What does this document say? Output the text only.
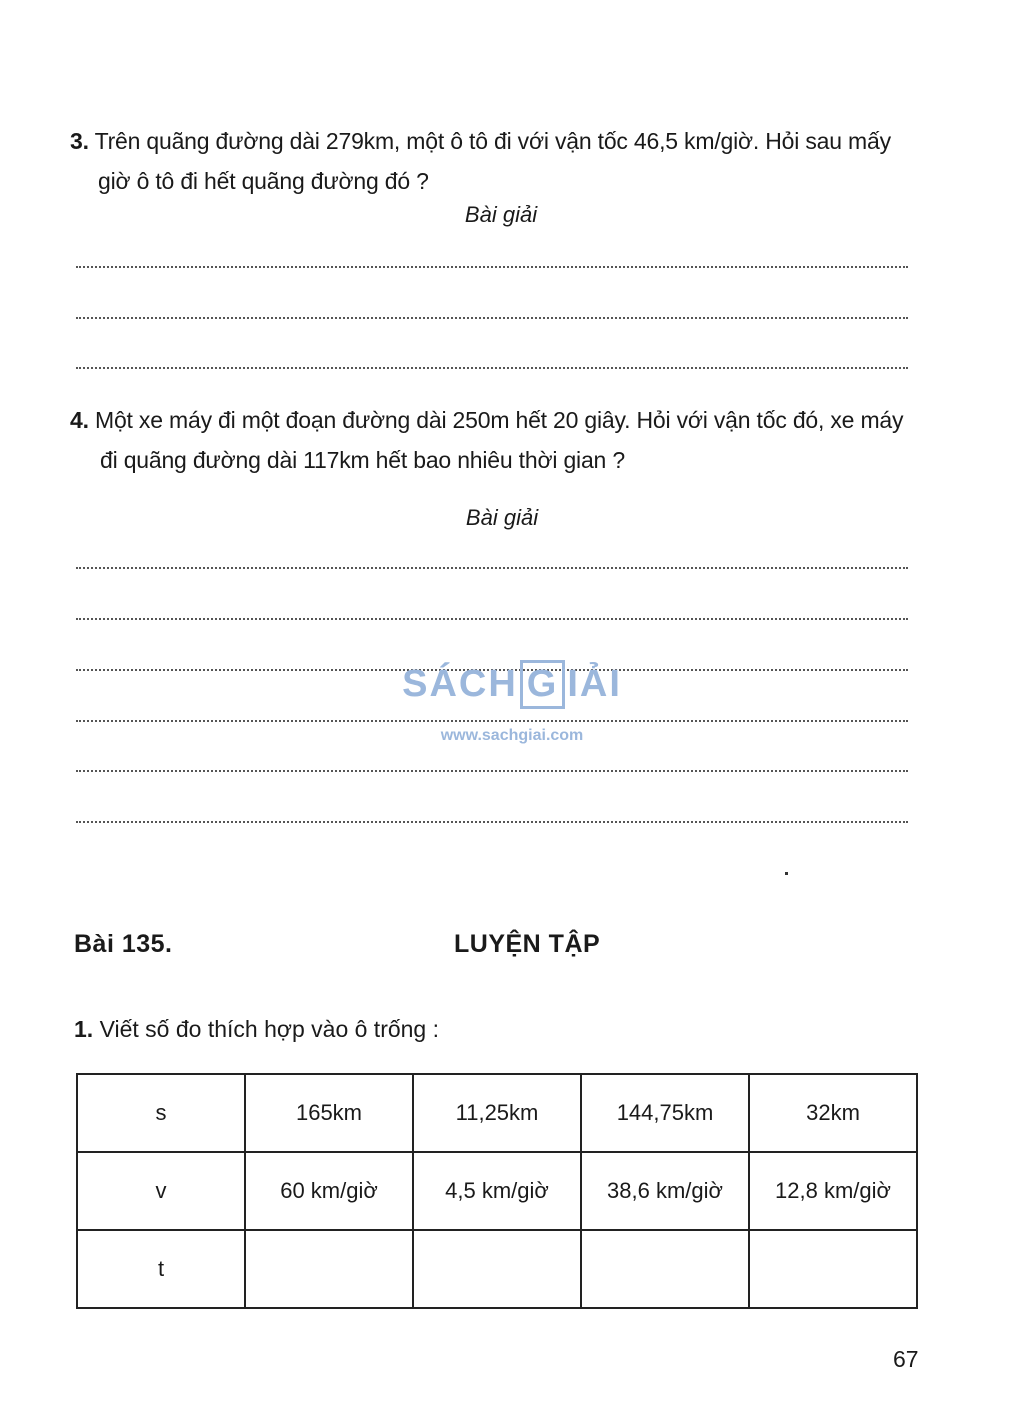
3. Trên quãng đường dài 279km, một ô tô đi với vận tốc 46,5 km/giờ. Hỏi sau mấy
giờ ô tô đi hết quãng đường đó ?
Bài giải
4. Một xe máy đi một đoạn đường dài 250m hết 20 giây. Hỏi với vận tốc đó, xe máy
đi quãng đường dài 117km hết bao nhiêu thời gian ?
Bài giải
SÁCH G IẢI
www.sachgiai.com
Bài 135.	LUYỆN TẬP
1. Viết số đo thích hợp vào ô trống :
s	165km	11,25km	144,75km	32km
v	60 km/giờ	4,5 km/giờ	38,6 km/giờ	12,8 km/giờ
t				
67
